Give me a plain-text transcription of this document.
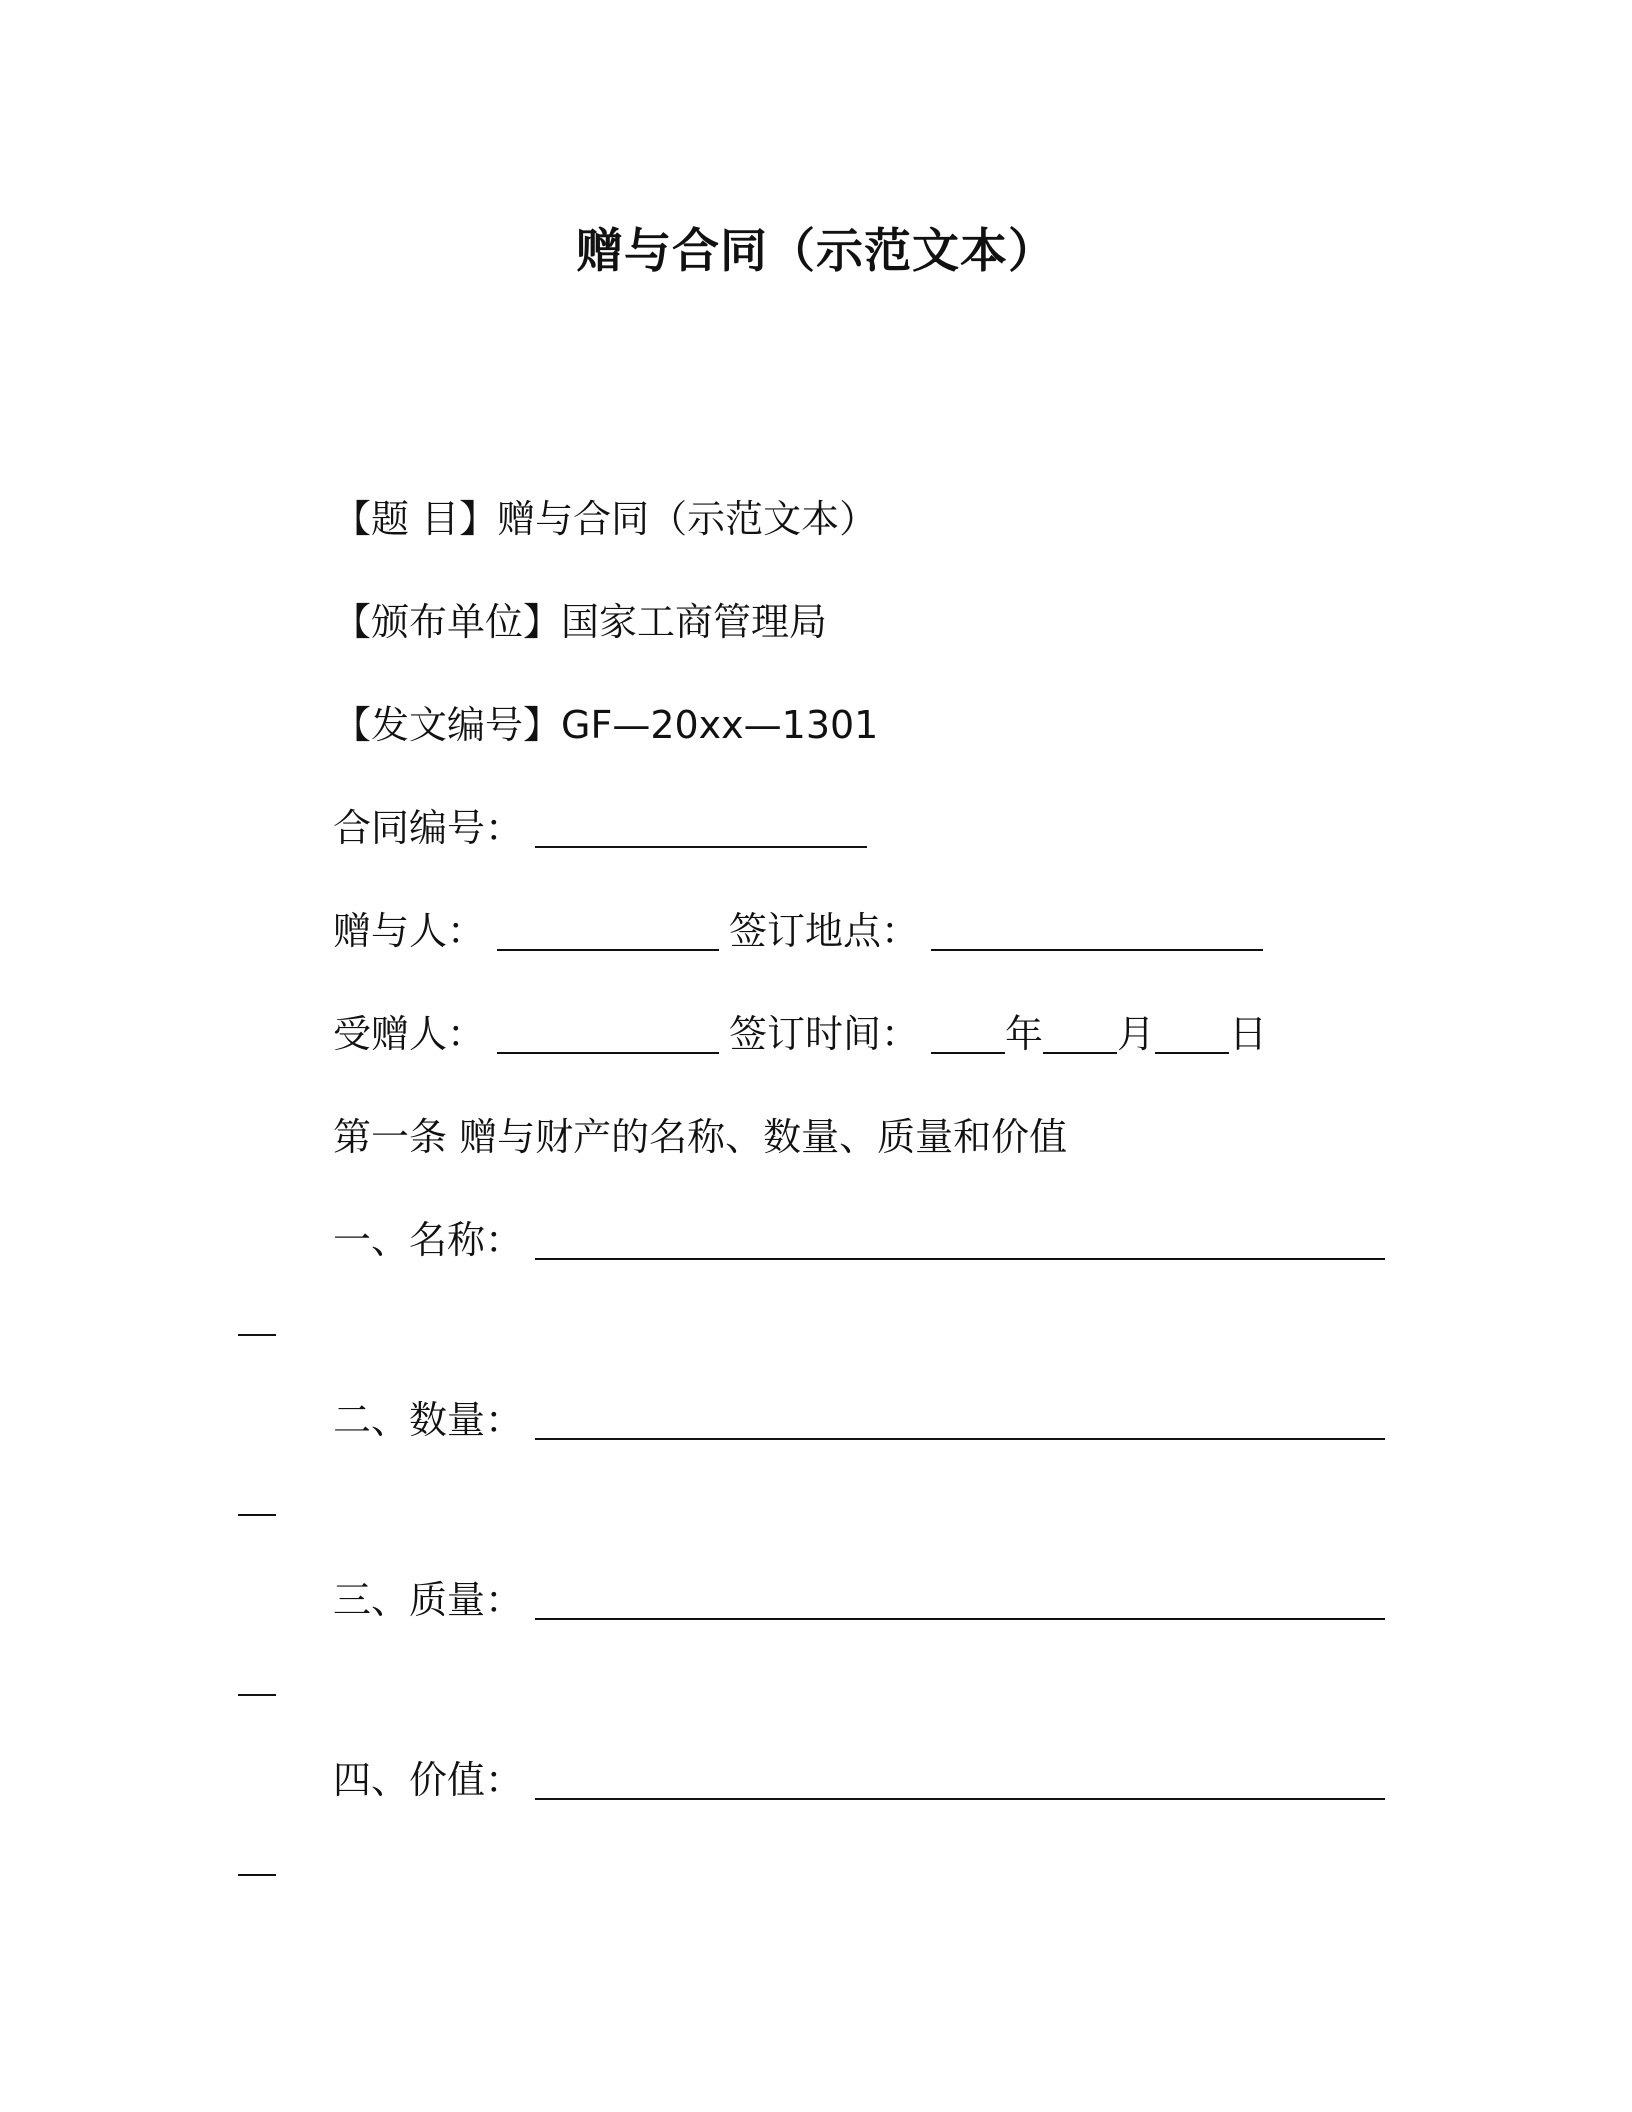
赠与合同（示范文本）
【题 目】 赠与合同（示范文本）
【颁布单位】 国家工商管理局
【发文编号】 GF—20xx—1301
合同编号：
赠与人：	签订地点：
受赠人：	签订时间： 年 月 日
第一条 赠与财产的名称、数量、质量和价值
一、名称：
二、数量：
三、质量：
四、价值：
